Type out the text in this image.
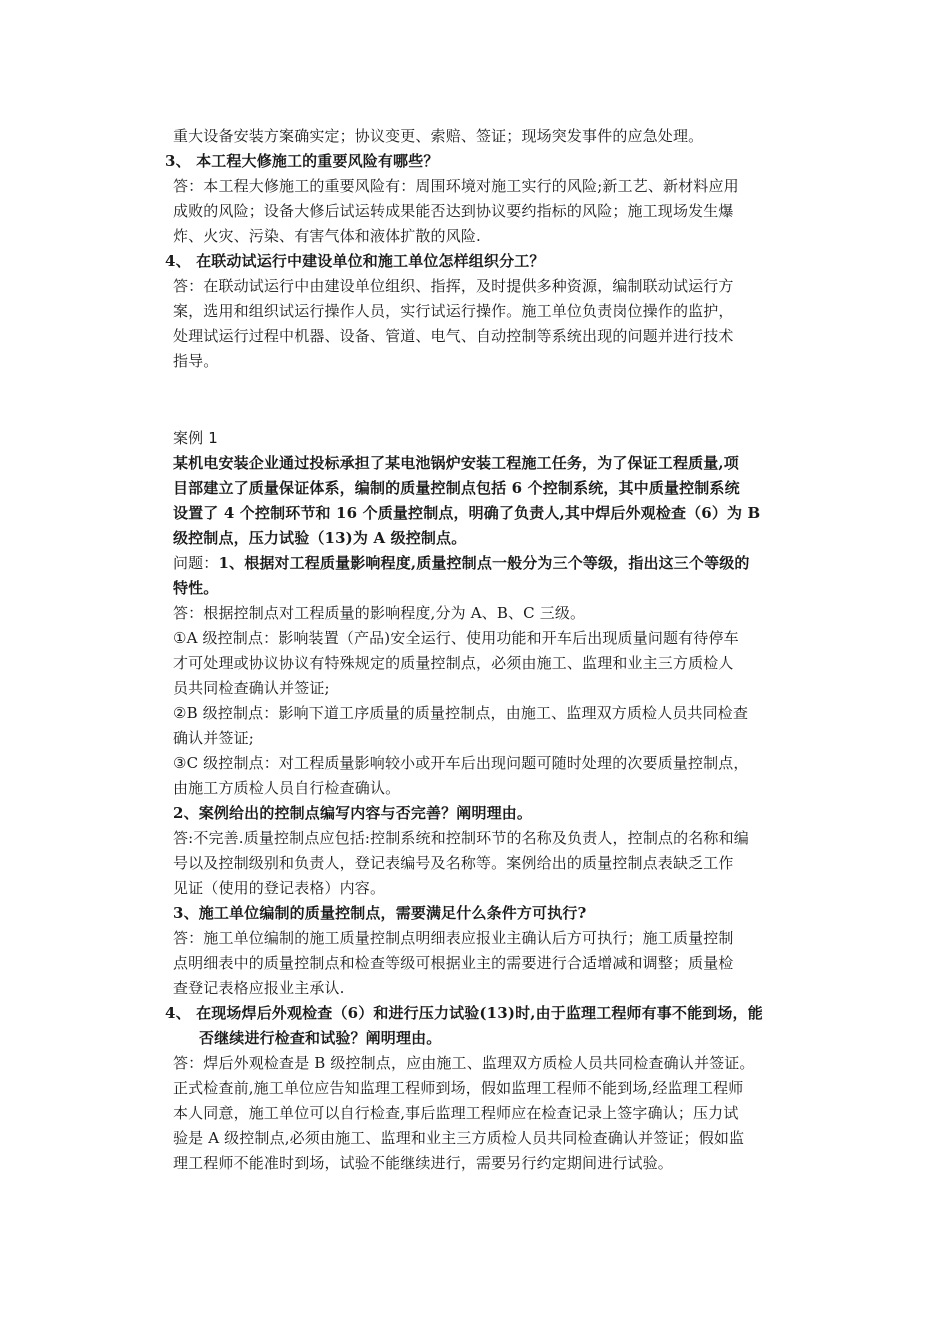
重大设备安装方案确实定；协议变更、索赔、签证；现场突发事件的应急处理。
3、 本工程大修施工的重要风险有哪些？
答：本工程大修施工的重要风险有：周围环境对施工实行的风险;新工艺、新材料应用
成败的风险；设备大修后试运转成果能否达到协议要约指标的风险；施工现场发生爆
炸、火灾、污染、有害气体和液体扩散的风险.
4、 在联动试运行中建设单位和施工单位怎样组织分工？
答：在联动试运行中由建设单位组织、指挥，及时提供多种资源，编制联动试运行方
案，选用和组织试运行操作人员，实行试运行操作。施工单位负责岗位操作的监护，
处理试运行过程中机器、设备、管道、电气、自动控制等系统出现的问题并进行技术
指导。
案例 1
某机电安装企业通过投标承担了某电池锅炉安装工程施工任务，为了保证工程质量,项
目部建立了质量保证体系，编制的质量控制点包括 6 个控制系统，其中质量控制系统
设置了 4 个控制环节和 16 个质量控制点，明确了负责人,其中焊后外观检查（6）为 B
级控制点，压力试验（13)为 A 级控制点。
问题：1、根据对工程质量影响程度,质量控制点一般分为三个等级，指出这三个等级的
特性。
答：根据控制点对工程质量的影响程度,分为 A、B、C 三级。
①A 级控制点：影响装置（产品)安全运行、使用功能和开车后出现质量问题有待停车
才可处理或协议协议有特殊规定的质量控制点，必须由施工、监理和业主三方质检人
员共同检查确认并签证;
②B 级控制点：影响下道工序质量的质量控制点，由施工、监理双方质检人员共同检查
确认并签证;
③C 级控制点：对工程质量影响较小或开车后出现问题可随时处理的次要质量控制点，
由施工方质检人员自行检查确认。
2、案例给出的控制点编写内容与否完善？阐明理由。
答:不完善.质量控制点应包括:控制系统和控制环节的名称及负责人，控制点的名称和编
号以及控制级别和负责人，登记表编号及名称等。案例给出的质量控制点表缺乏工作
见证（使用的登记表格）内容。
3、施工单位编制的质量控制点，需要满足什么条件方可执行?
答：施工单位编制的施工质量控制点明细表应报业主确认后方可执行；施工质量控制
点明细表中的质量控制点和检查等级可根据业主的需要进行合适增减和调整；质量检
查登记表格应报业主承认.
4、 在现场焊后外观检查（6）和进行压力试验(13)时,由于监理工程师有事不能到场，能
否继续进行检查和试验？阐明理由。
答：焊后外观检查是 B 级控制点，应由施工、监理双方质检人员共同检查确认并签证。
正式检查前,施工单位应告知监理工程师到场，假如监理工程师不能到场,经监理工程师
本人同意，施工单位可以自行检查,事后监理工程师应在检查记录上签字确认；压力试
验是 A 级控制点,必须由施工、监理和业主三方质检人员共同检查确认并签证；假如监
理工程师不能准时到场，试验不能继续进行，需要另行约定期间进行试验。
